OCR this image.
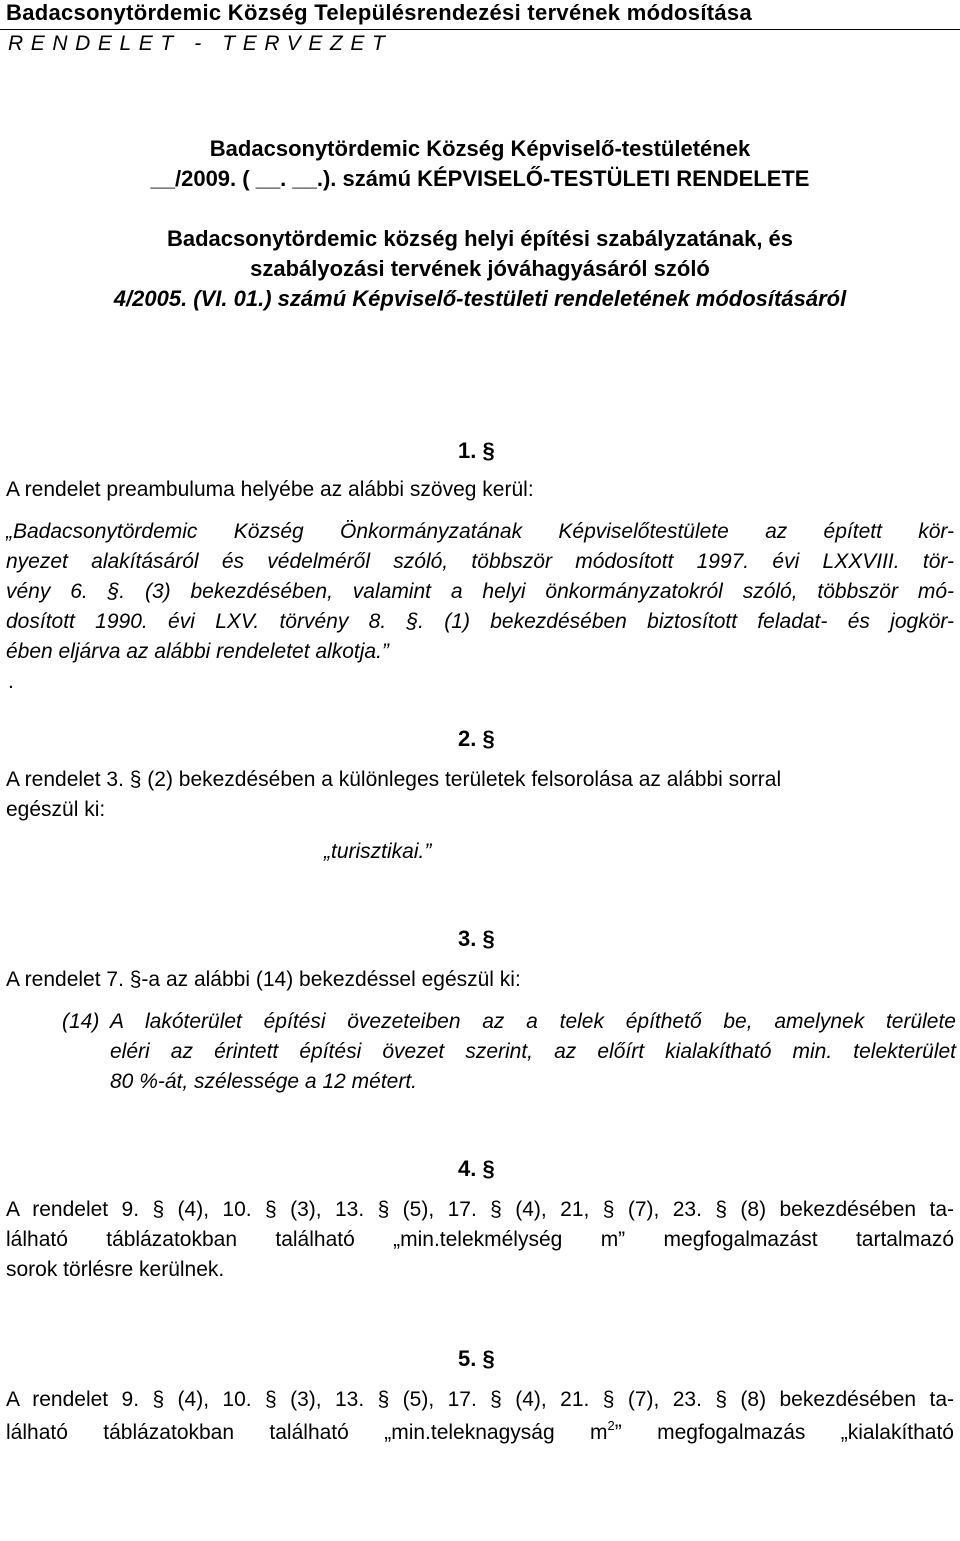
Badacsonytördemic Község Településrendezési tervének módosítása
RENDELET - TERVEZET
Badacsonytördemic Község Képviselő-testületének
__/2009. ( __. __.). számú KÉPVISELŐ-TESTÜLETI RENDELETE
Badacsonytördemic község helyi építési szabályzatának, és
szabályozási tervének jóváhagyásáról szóló
4/2005. (VI. 01.) számú Képviselő-testületi rendeletének módosításáról
1. §
A rendelet preambuluma helyébe az alábbi szöveg kerül:
„Badacsonytördemic Község Önkormányzatának Képviselőtestülete az épített kör-
nyezet alakításáról és védelméről szóló, többször módosított 1997. évi LXXVIII. tör-
vény 6. §. (3) bekezdésében, valamint a helyi önkormányzatokról szóló, többször mó-
dosított 1990. évi LXV. törvény 8. §. (1) bekezdésében biztosított feladat- és jogkör-
ében eljárva az alábbi rendeletet alkotja.”
.
2. §
A rendelet 3. § (2) bekezdésében a különleges területek felsorolása az alábbi sorral
egészül ki:
„turisztikai.”
3. §
A rendelet 7. §-a az alábbi (14) bekezdéssel egészül ki:
(14) A lakóterület építési övezeteiben az a telek építhető be, amelynek területe
eléri az érintett építési övezet szerint, az előírt kialakítható min. telekterület
80 %-át, szélessége a 12 métert.
4. §
A rendelet 9. § (4), 10. § (3), 13. § (5), 17. § (4), 21, § (7), 23. § (8) bekezdésében ta-
lálható táblázatokban található „min.telekmélység m” megfogalmazást tartalmazó
sorok törlésre kerülnek.
5. §
A rendelet 9. § (4), 10. § (3), 13. § (5), 17. § (4), 21. § (7), 23. § (8) bekezdésében ta-
lálható táblázatokban található „min.teleknagyság $m^2$” megfogalmazás „kialakítható
